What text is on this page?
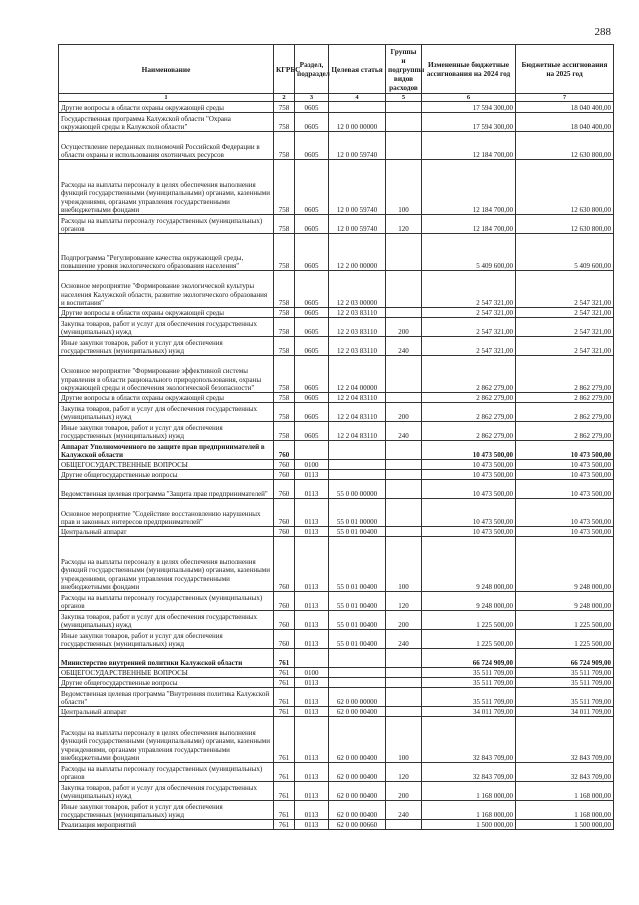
288
Наименование	КГРБС	Раздел, подраздел	Целевая статья	Группы и подгруппы видов расходов	Измененные бюджетные ассигнования на 2024 год	Бюджетные ассигнования на 2025 год
1	2	3	4	5	6	7
Другие вопросы в области охраны окружающей среды	758	0605			17 594 300,00	18 040 400,00
Государственная программа Калужской области "Охрана окружающей среды в Калужской области"	758	0605	12 0 00 00000		17 594 300,00	18 040 400,00
Осуществление переданных полномочий Российской Федерации в области охраны и использования охотничьих ресурсов	758	0605	12 0 00 59740		12 184 700,00	12 630 800,00
Расходы на выплаты персоналу в целях обеспечения выполнения функций государственными (муниципальными) органами, казенными учреждениями, органами управления государственными внебюджетными фондами	758	0605	12 0 00 59740	100	12 184 700,00	12 630 800,00
Расходы на выплаты персоналу государственных (муниципальных) органов	758	0605	12 0 00 59740	120	12 184 700,00	12 630 800,00
Подпрограмма "Регулирование качества окружающей среды, повышение уровня экологического образования населения"	758	0605	12 2 00 00000		5 409 600,00	5 409 600,00
Основное мероприятие "Формирование экологической культуры населения Калужской области, развитие экологического образования и воспитания"	758	0605	12 2 03 00000		2 547 321,00	2 547 321,00
Другие вопросы в области охраны окружающей среды	758	0605	12 2 03 83110		2 547 321,00	2 547 321,00
Закупка товаров, работ и услуг для обеспечения государственных (муниципальных) нужд	758	0605	12 2 03 83110	200	2 547 321,00	2 547 321,00
Иные закупки товаров, работ и услуг для обеспечения государственных (муниципальных) нужд	758	0605	12 2 03 83110	240	2 547 321,00	2 547 321,00
Основное мероприятие "Формирование эффективной системы управления в области рационального природопользования, охраны окружающей среды и обеспечения экологической безопасности"	758	0605	12 2 04 00000		2 862 279,00	2 862 279,00
Другие вопросы в области охраны окружающей среды	758	0605	12 2 04 83110		2 862 279,00	2 862 279,00
Закупка товаров, работ и услуг для обеспечения государственных (муниципальных) нужд	758	0605	12 2 04 83110	200	2 862 279,00	2 862 279,00
Иные закупки товаров, работ и услуг для обеспечения государственных (муниципальных) нужд	758	0605	12 2 04 83110	240	2 862 279,00	2 862 279,00
Аппарат Уполномоченного по защите прав предпринимателей в Калужской области	760				10 473 500,00	10 473 500,00
ОБЩЕГОСУДАРСТВЕННЫЕ ВОПРОСЫ	760	0100			10 473 500,00	10 473 500,00
Другие общегосударственные вопросы	760	0113			10 473 500,00	10 473 500,00
Ведомственная целевая программа "Защита прав предпринимателей"	760	0113	55 0 00 00000		10 473 500,00	10 473 500,00
Основное мероприятие "Содействие восстановлению нарушенных прав и законных интересов предпринимателей"	760	0113	55 0 01 00000		10 473 500,00	10 473 500,00
Центральный аппарат	760	0113	55 0 01 00400		10 473 500,00	10 473 500,00
Расходы на выплаты персоналу в целях обеспечения выполнения функций государственными (муниципальными) органами, казенными учреждениями, органами управления государственными внебюджетными фондами	760	0113	55 0 01 00400	100	9 248 000,00	9 248 000,00
Расходы на выплаты персоналу государственных (муниципальных) органов	760	0113	55 0 01 00400	120	9 248 000,00	9 248 000,00
Закупка товаров, работ и услуг для обеспечения государственных (муниципальных) нужд	760	0113	55 0 01 00400	200	1 225 500,00	1 225 500,00
Иные закупки товаров, работ и услуг для обеспечения государственных (муниципальных) нужд	760	0113	55 0 01 00400	240	1 225 500,00	1 225 500,00
Министерство внутренней политики Калужской области	761				66 724 909,00	66 724 909,00
ОБЩЕГОСУДАРСТВЕННЫЕ ВОПРОСЫ	761	0100			35 511 709,00	35 511 709,00
Другие общегосударственные вопросы	761	0113			35 511 709,00	35 511 709,00
Ведомственная целевая программа "Внутренняя политика Калужской области"	761	0113	62 0 00 00000		35 511 709,00	35 511 709,00
Центральный аппарат	761	0113	62 0 00 00400		34 011 709,00	34 011 709,00
Расходы на выплаты персоналу в целях обеспечения выполнения функций государственными (муниципальными) органами, казенными учреждениями, органами управления государственными внебюджетными фондами	761	0113	62 0 00 00400	100	32 843 709,00	32 843 709,00
Расходы на выплаты персоналу государственных (муниципальных) органов	761	0113	62 0 00 00400	120	32 843 709,00	32 843 709,00
Закупка товаров, работ и услуг для обеспечения государственных (муниципальных) нужд	761	0113	62 0 00 00400	200	1 168 000,00	1 168 000,00
Иные закупки товаров, работ и услуг для обеспечения государственных (муниципальных) нужд	761	0113	62 0 00 00400	240	1 168 000,00	1 168 000,00
Реализация мероприятий	761	0113	62 0 00 00660		1 500 000,00	1 500 000,00
